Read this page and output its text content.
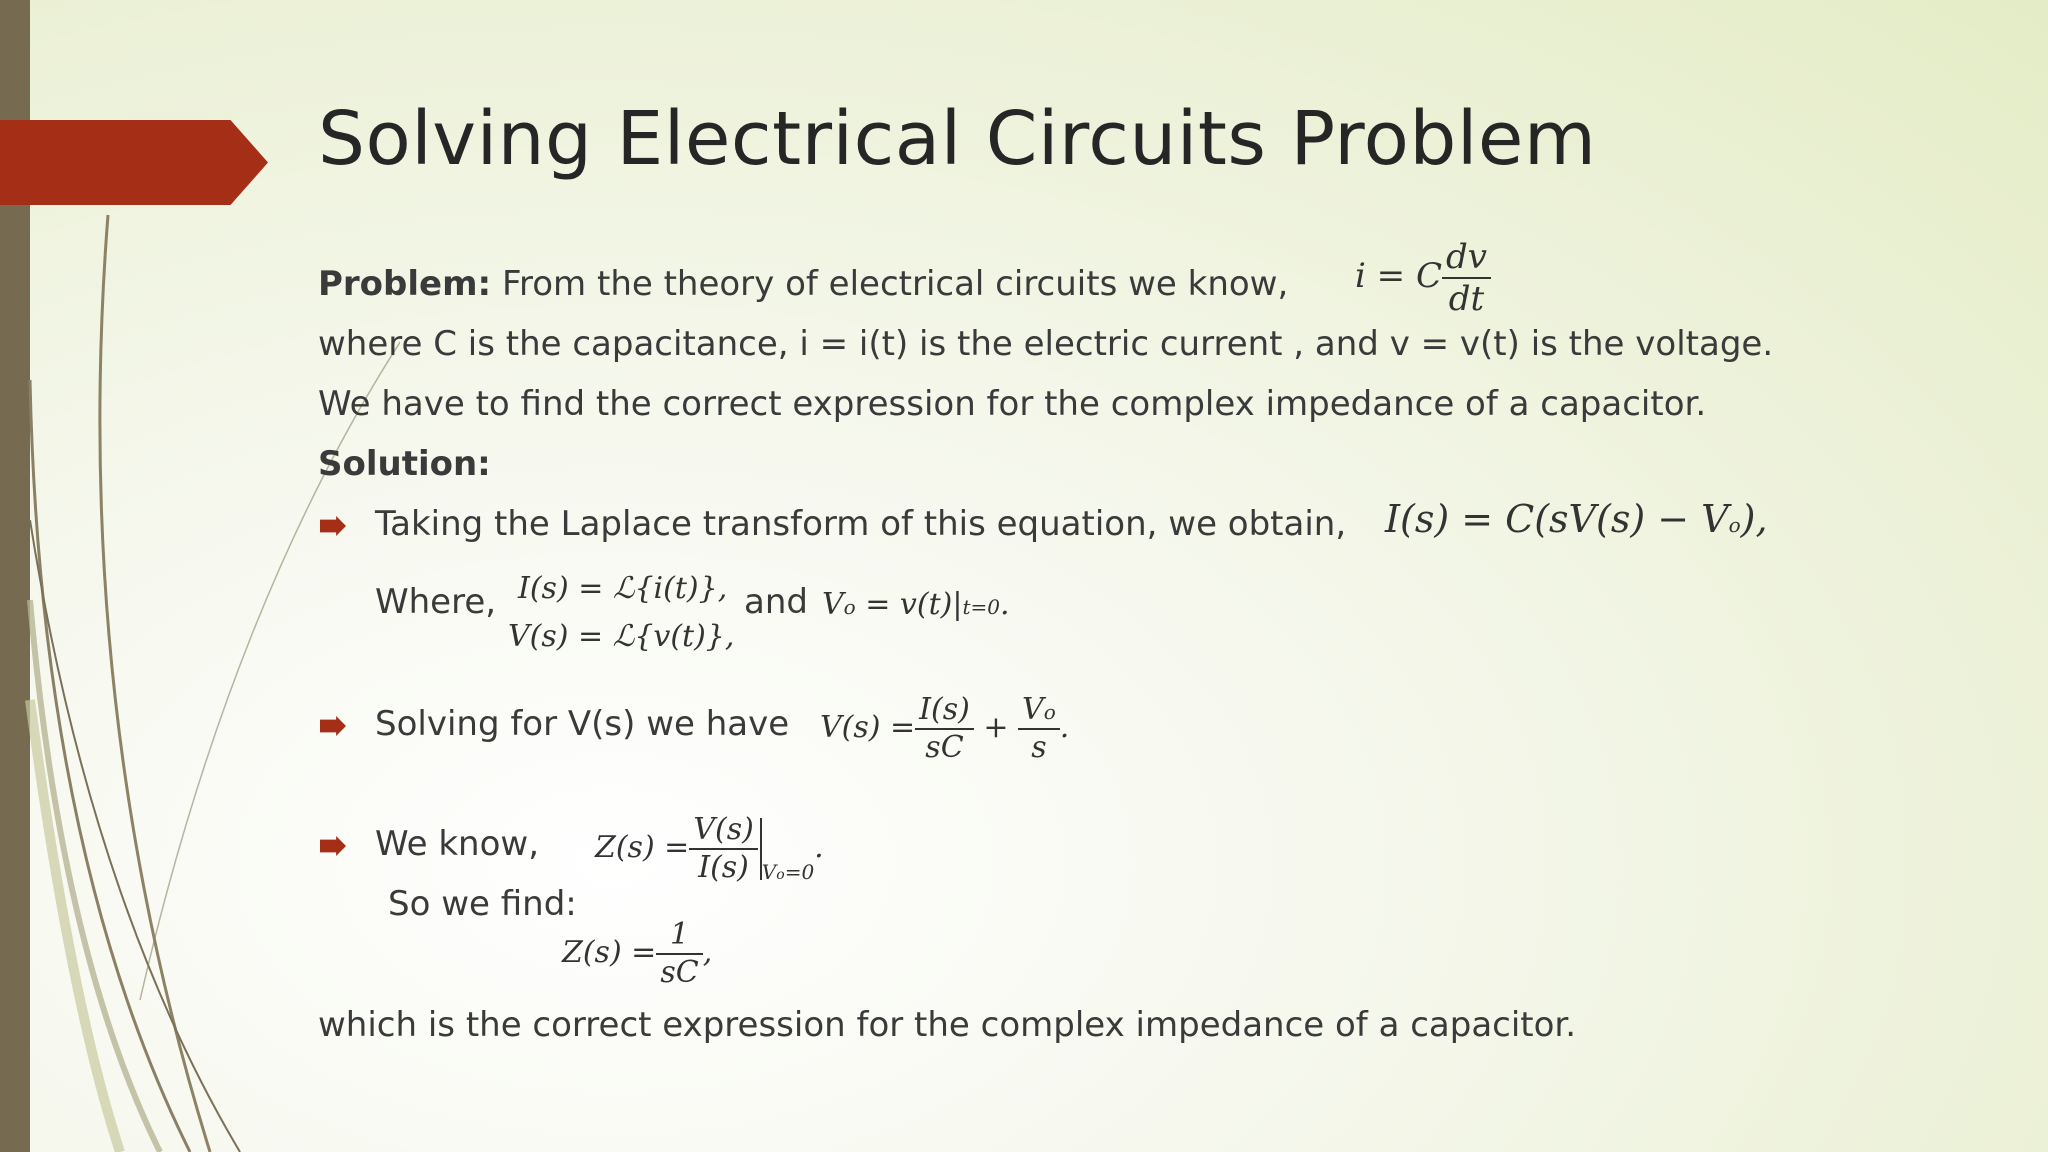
Solving Electrical Circuits Problem
Problem: From the theory of electrical circuits we know, i = C $\frac{dv}{dt}$
where C is the capacitance, i = i(t) is the electric current , and v = v(t) is the voltage.
We have to find the correct expression for the complex impedance of a capacitor.
Solution:
Taking the Laplace transform of this equation, we obtain, I(s) = C(sV(s) − Vo),
Where, I(s) = ℒ{i(t)},
V(s) = ℒ{v(t)},
and Vo = v(t)|t=0.
Solving for V(s) we have $V(s) = \frac{I(s)}{sC} + \frac{Vo}{s}$ .
We know, $Z(s) = \frac{V(s)}{I(s)} _{Vo=0}$.
So we find:
$Z(s) = \frac{1}{sC}$ ,
which is the correct expression for the complex impedance of a capacitor.
